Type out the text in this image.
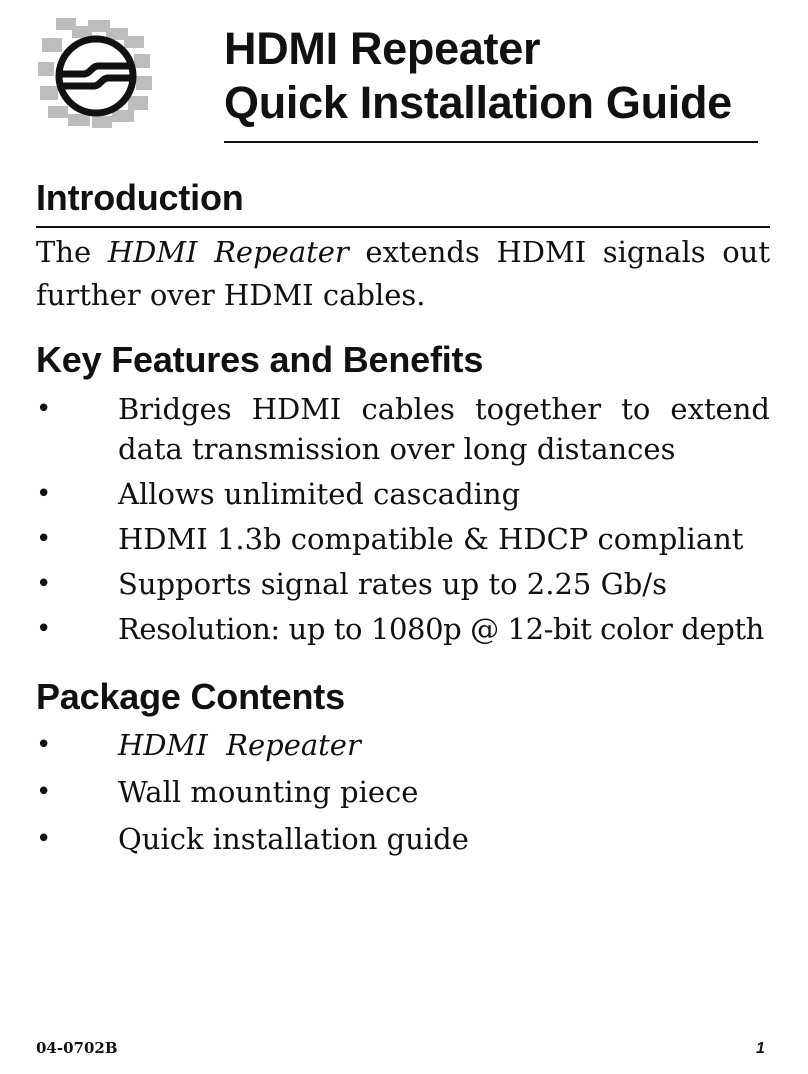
HDMI Repeater
Quick Installation Guide
Introduction
The HDMI Repeater extends HDMI signals out further over HDMI cables.
Key Features and Benefits
• Bridges HDMI cables together to extend data transmission over long distances
• Allows unlimited cascading
• HDMI 1.3b compatible & HDCP compliant
• Supports signal rates up to 2.25 Gb/s
• Resolution: up to 1080p @ 12-bit color depth
Package Contents
• HDMI  Repeater
• Wall mounting piece
• Quick installation guide
04-0702B	1
